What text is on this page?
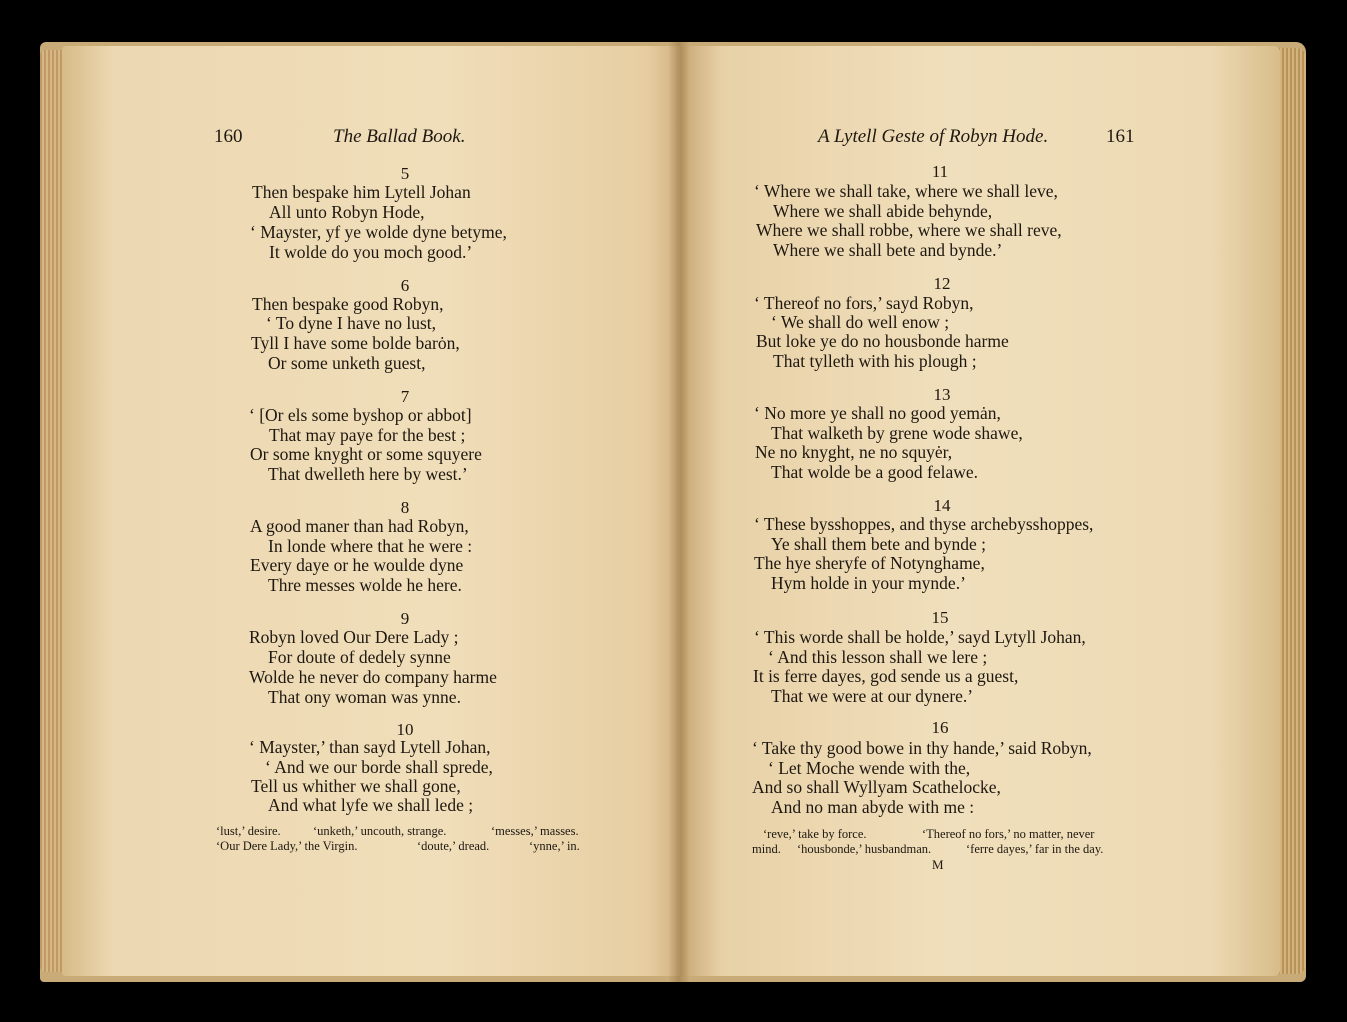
160	The Ballad Book.
5
Then bespake him Lytell Johan
All unto Robyn Hode,
‘ Mayster, yf ye wolde dyne betyme,
It wolde do you moch good.’
6
Then bespake good Robyn,
‘ To dyne I have no lust,
Tyll I have some bolde barȯn,
Or some unketh guest,
7
‘ [Or els some byshop or abbot]
That may paye for the best ;
Or some knyght or some squyere
That dwelleth here by west.’
8
A good maner than had Robyn,
In londe where that he were :
Every daye or he woulde dyne
Thre messes wolde he here.
9
Robyn loved Our Dere Lady ;
For doute of dedely synne
Wolde he never do company harme
That ony woman was ynne.
10
‘ Mayster,’ than sayd Lytell Johan,
‘ And we our borde shall sprede,
Tell us whither we shall gone,
And what lyfe we shall lede ;
‘lust,’ desire.	‘unketh,’ uncouth, strange.	‘messes,’ masses.
‘Our Dere Lady,’ the Virgin.	‘doute,’ dread.	‘ynne,’ in.
A Lytell Geste of Robyn Hode.	161
11
‘ Where we shall take, where we shall leve,
Where we shall abide behynde,
Where we shall robbe, where we shall reve,
Where we shall bete and bynde.’
12
‘ Thereof no fors,’ sayd Robyn,
‘ We shall do well enow ;
But loke ye do no housbonde harme
That tylleth with his plough ;
13
‘ No more ye shall no good yemȧn,
That walketh by grene wode shawe,
Ne no knyght, ne no squyėr,
That wolde be a good felawe.
14
‘ These bysshoppes, and thyse archebysshoppes,
Ye shall them bete and bynde ;
The hye sheryfe of Notynghame,
Hym holde in your mynde.’
15
‘ This worde shall be holde,’ sayd Lytyll Johan,
‘ And this lesson shall we lere ;
It is ferre dayes, god sende us a guest,
That we were at our dynere.’
16
‘ Take thy good bowe in thy hande,’ said Robyn,
‘ Let Moche wende with the,
And so shall Wyllyam Scathelocke,
And no man abyde with me :
‘reve,’ take by force.	‘Thereof no fors,’ no matter, never
mind. ‘housbonde,’ husbandman.	‘ferre dayes,’ far in the day.
M
